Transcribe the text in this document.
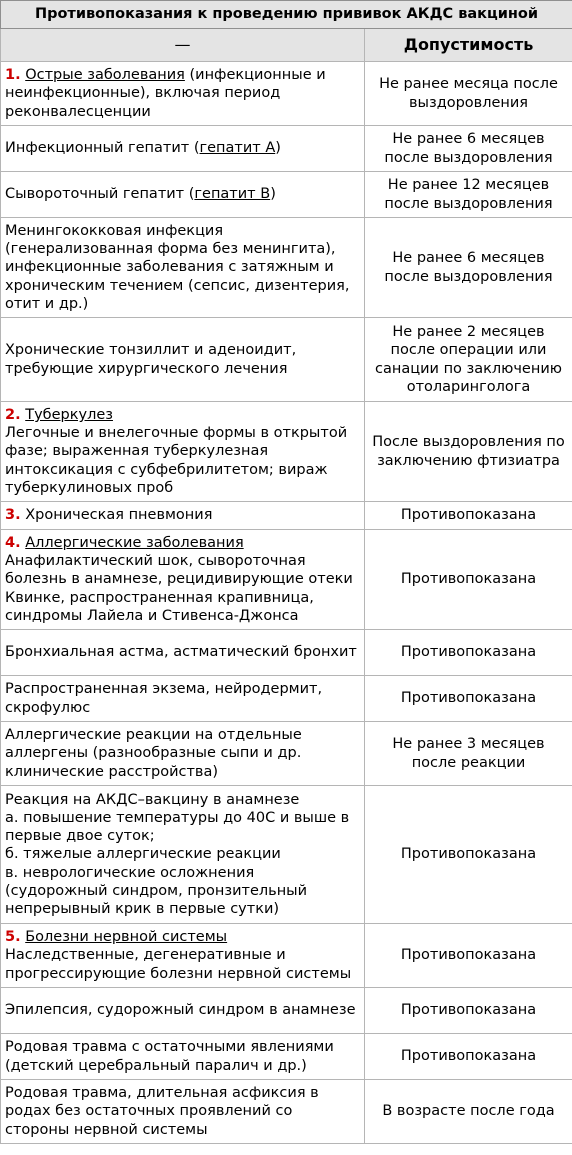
Противопоказания к проведению прививок АКДС вакциной	
—	Допустимость
1. Острые заболевания (инфекционные и неинфекционные), включая период реконвалесценции	Не ранее месяца после выздоровления
Инфекционный гепатит (гепатит А)	Не ранее 6 месяцев после выздоровления
Сывороточный гепатит (гепатит В)	Не ранее 12 месяцев после выздоровления
Менингококковая инфекция (генерализованная форма без менингита), инфекционные заболевания с затяжным и хроническим течением (сепсис, дизентерия, отит и др.)	Не ранее 6 месяцев после выздоровления
Хронические тонзиллит и аденоидит, требующие хирургического лечения	Не ранее 2 месяцев после операции или санации по заключению отоларинголога
2. Туберкулез
Легочные и внелегочные формы в открытой фазе; выраженная туберкулезная интоксикация с субфебрилитетом; вираж туберкулиновых проб	После выздоровления по заключению фтизиатра
3. Хроническая пневмония	Противопоказана
4. Аллергические заболевания
Анафилактический шок, сывороточная болезнь в анамнезе, рецидивирующие отеки Квинке, распространенная крапивница, синдромы Лайела и Стивенса-Джонса	Противопоказана
Бронхиальная астма, астматический бронхит	Противопоказана
Распространенная экзема, нейродермит, скрофулюс	Противопоказана
Аллергические реакции на отдельные аллергены (разнообразные сыпи и др. клинические расстройства)	Не ранее 3 месяцев после реакции

Реакция на АКДС–вакцину в анамнезе
а. повышение температуры до 40С и выше в первые двое суток;
б. тяжелые аллергические реакции
в. неврологические осложнения (судорожный синдром, пронзительный непрерывный крик в первые сутки)	Противопоказана
5. Болезни нервной системы
Наследственные, дегенеративные и прогрессирующие болезни нервной системы	Противопоказана
Эпилепсия, судорожный синдром в анамнезе	Противопоказана
Родовая травма с остаточными явлениями (детский церебральный паралич и др.)	Противопоказана
Родовая травма, длительная асфиксия в родах без остаточных проявлений со стороны нервной системы	В возрасте после года
